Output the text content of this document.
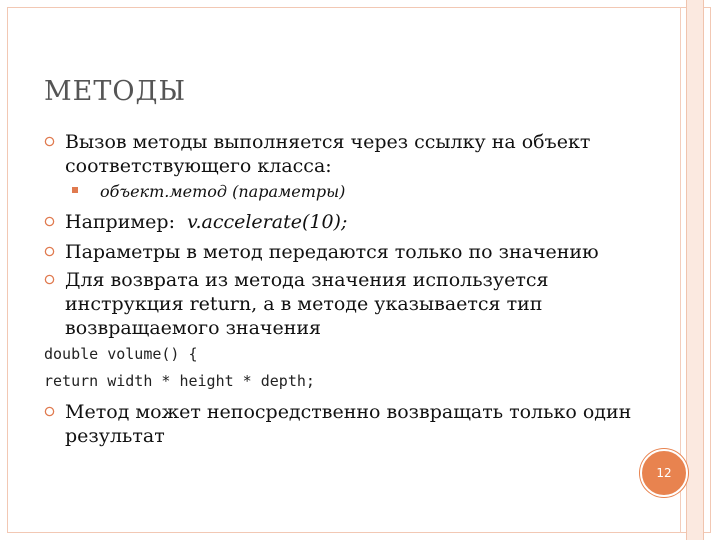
МЕТОДЫ
Вызов методы выполняется через ссылку на объект соответствующего класса:
объект.метод (параметры)
Например: v.accelerate(10);
Параметры в метод передаются только по значению
Для возврата из метода значения используется инструкция return, а в методе указывается тип возвращаемого значения
double volume() {
return width * height * depth;
Метод может непосредственно возвращать только один результат
12
